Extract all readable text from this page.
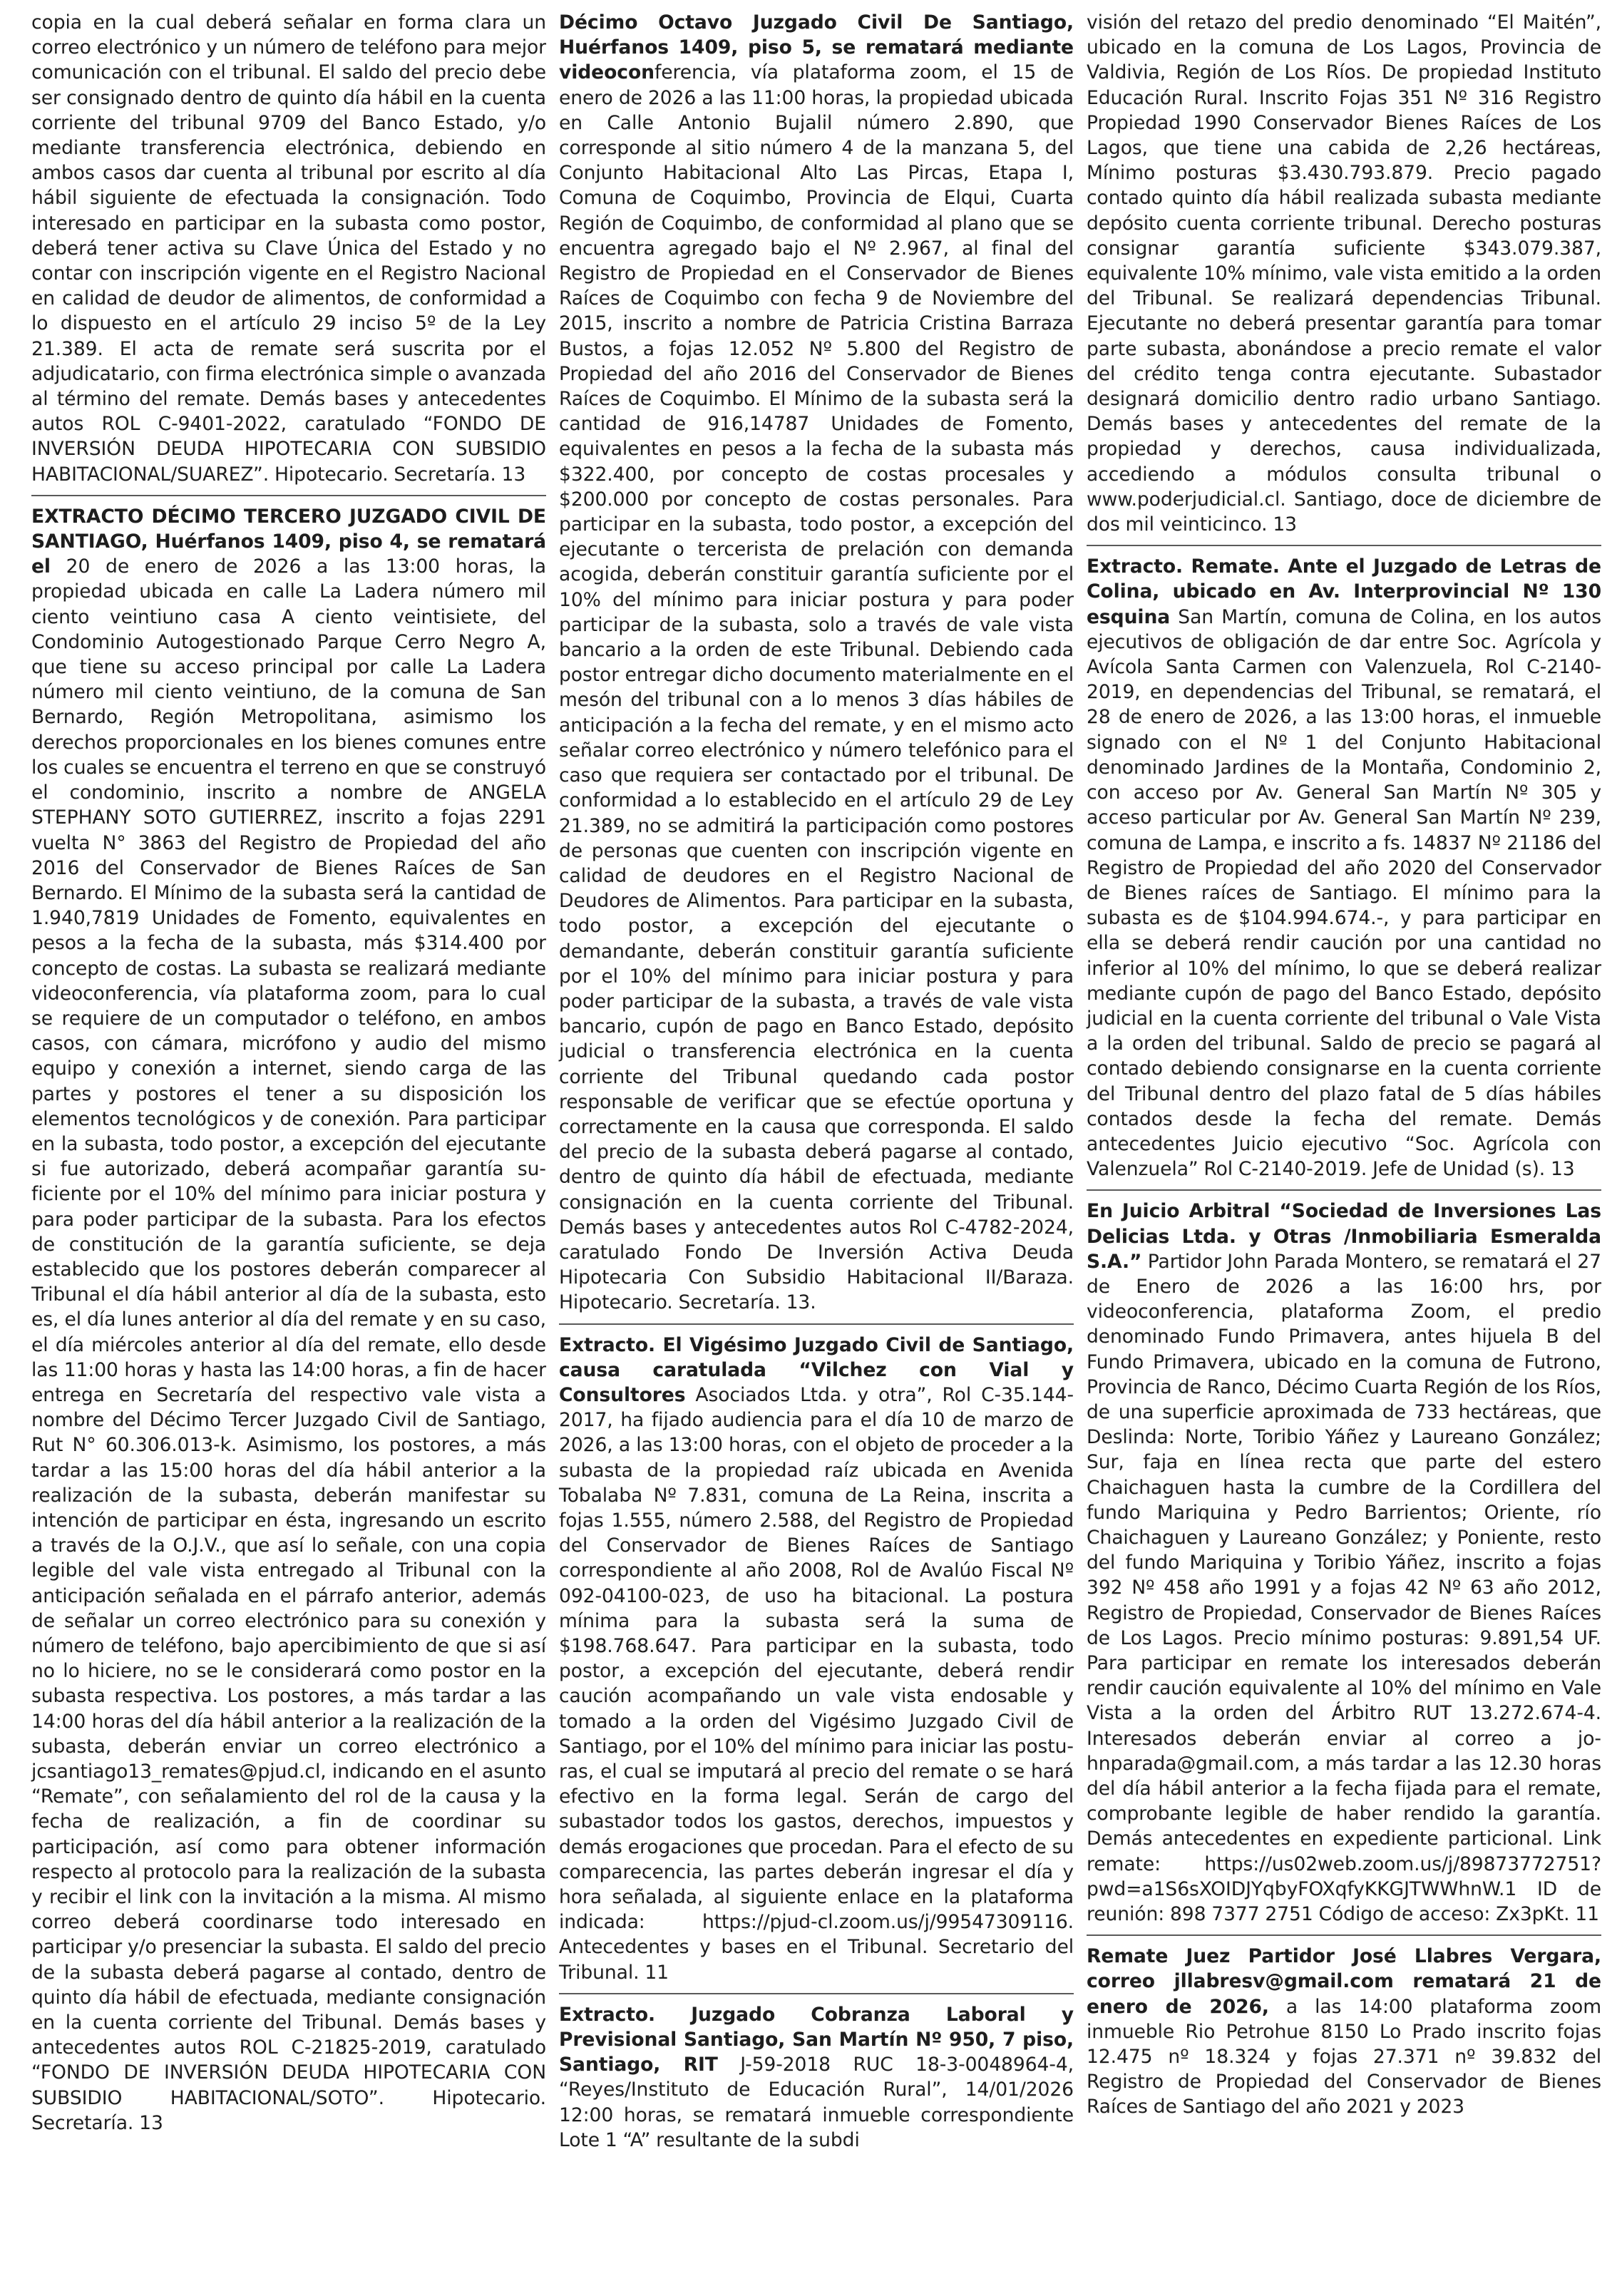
copia en la cual deberá señalar en forma clara un correo electrónico y un número de teléfono para mejor comunicación con el tribunal. El saldo del precio debe ser consignado dentro de quinto día hábil en la cuenta corriente del tribunal 9709 del Banco Estado, y/o mediante transferencia electrónica, debiendo en ambos casos dar cuenta al tribunal por escrito al día hábil siguiente de efectuada la consignación. Todo interesado en participar en la subasta como postor, deberá tener activa su Clave Única del Estado y no contar con inscripción vigente en el Registro Nacional en calidad de deudor de alimentos, de conformidad a lo dispuesto en el artículo 29 inciso 5º de la Ley 21.389. El acta de remate será suscrita por el adjudicatario, con firma electrónica simple o avanzada al término del remate. Demás bases y antecedentes autos ROL C-9401-2022, caratulado “FONDO DE INVERSIÓN DEUDA HIPOTECARIA CON SUBSIDIO HABITACIONAL/SUAREZ”. Hipotecario. Secretaría. 13

EXTRACTO DÉCIMO TERCERO JUZGADO CIVIL DE SANTIAGO, Huérfanos 1409, piso 4, se rematará el 20 de enero de 2026 a las 13:00 horas, la propiedad ubicada en calle La Ladera número mil ciento veintiuno casa A ciento veintisiete, del Condominio Autogestionado Parque Cerro Negro A, que tiene su acceso principal por calle La Ladera número mil ciento veintiuno, de la comuna de San Bernardo, Región Metropolitana, asimismo los derechos proporcionales en los bienes comunes entre los cuales se encuentra el terreno en que se construyó el condominio, inscrito a nombre de ANGELA STEPHANY SOTO GUTIERREZ, inscrito a fojas 2291 vuelta N° 3863 del Registro de Propiedad del año 2016 del Conservador de Bienes Raíces de San Bernardo. El Mínimo de la subasta será la cantidad de 1.940,7819 Unidades de Fomento, equivalentes en pesos a la fecha de la subasta, más $314.400 por concepto de costas. La subasta se realizará mediante videoconferencia, vía plataforma zoom, para lo cual se requiere de un computador o teléfono, en ambos casos, con cámara, micrófono y audio del mismo equipo y conexión a internet, siendo carga de las partes y postores el tener a su disposición los elementos tecnológicos y de conexión. Para participar en la subasta, todo postor, a excepción del ejecutante si fue autorizado, deberá acompañar garantía suficiente por el 10% del mínimo para iniciar postura y para poder participar de la subasta. Para los efectos de constitución de la garantía suficiente, se deja establecido que los postores deberán comparecer al Tribunal el día hábil anterior al día de la subasta, esto es, el día lunes anterior al día del remate y en su caso, el día miércoles anterior al día del remate, ello desde las 11:00 horas y hasta las 14:00 horas, a fin de hacer entrega en Secretaría del respectivo vale vista a nombre del Décimo Tercer Juzgado Civil de Santiago, Rut N° 60.306.013-k. Asimismo, los postores, a más tardar a las 15:00 horas del día hábil anterior a la realización de la subasta, deberán manifestar su intención de participar en ésta, ingresando un escrito a través de la O.J.V., que así lo señale, con una copia legible del vale vista entregado al Tribunal con la anticipación señalada en el párrafo anterior, además de señalar un correo electrónico para su conexión y número de teléfono, bajo apercibimiento de que si así no lo hiciere, no se le considerará como postor en la subasta respectiva. Los postores, a más tardar a las 14:00 horas del día hábil anterior a la realización de la subasta, deberán enviar un correo electrónico a jcsantiago13_remates@pjud.cl, indicando en el asunto “Remate”, con señalamiento del rol de la causa y la fecha de realización, a fin de coordinar su participación, así como para obtener información respecto al protocolo para la realización de la subasta y recibir el link con la invitación a la misma. Al mismo correo deberá coordinarse todo interesado en participar y/o presenciar la subasta. El saldo del precio de la subasta deberá pagarse al contado, dentro de quinto día hábil de efectuada, mediante consignación en la cuenta corriente del Tribunal. Demás bases y antecedentes autos ROL C-21825-2019, caratulado “FONDO DE INVERSIÓN DEUDA HIPOTECARIA CON SUBSIDIO HABITACIONAL/SOTO”. Hipotecario. Secretaría. 13

Décimo Octavo Juzgado Civil De Santiago, Huérfanos 1409, piso 5, se rematará mediante videoconferencia, vía plataforma zoom, el 15 de enero de 2026 a las 11:00 horas, la propiedad ubicada en Calle Antonio Bujalil número 2.890, que corresponde al sitio número 4 de la manzana 5, del Conjunto Habitacional Alto Las Pircas, Etapa I, Comuna de Coquimbo, Provincia de Elqui, Cuarta Región de Coquimbo, de conformidad al plano que se encuentra agregado bajo el Nº 2.967, al final del Registro de Propiedad en el Conservador de Bienes Raíces de Coquimbo con fecha 9 de Noviembre del 2015, inscrito a nombre de Patricia Cristina Barraza Bustos, a fojas 12.052 Nº 5.800 del Registro de Propiedad del año 2016 del Conservador de Bienes Raíces de Coquimbo. El Mínimo de la subasta será la cantidad de 916,14787 Unidades de Fomento, equivalentes en pesos a la fecha de la subasta más $322.400, por concepto de costas procesales y $200.000 por concepto de costas personales. Para participar en la subasta, todo postor, a excepción del ejecutante o tercerista de prelación con demanda acogida, deberán constituir garantía suficiente por el 10% del mínimo para iniciar postura y para poder participar de la subasta, solo a través de vale vista bancario a la orden de este Tribunal. Debiendo cada postor entregar dicho documento materialmente en el mesón del tribunal con a lo menos 3 días hábiles de anticipación a la fecha del remate, y en el mismo acto señalar correo electrónico y número telefónico para el caso que requiera ser contactado por el tribunal. De conformidad a lo establecido en el artículo 29 de Ley 21.389, no se admitirá la participación como postores de personas que cuenten con inscripción vigente en calidad de deudores en el Registro Nacional de Deudores de Alimentos. Para participar en la subasta, todo postor, a excepción del ejecutante o demandante, deberán constituir garantía suficiente por el 10% del mínimo para iniciar postura y para poder participar de la subasta, a través de vale vista bancario, cupón de pago en Banco Estado, depósito judicial o transferencia electrónica en la cuenta corriente del Tribunal quedando cada postor responsable de verificar que se efectúe oportuna y correctamente en la causa que corresponda. El saldo del precio de la subasta deberá pagarse al contado, dentro de quinto día hábil de efectuada, mediante consignación en la cuenta corriente del Tribunal. Demás bases y antecedentes autos Rol C-4782-2024, caratulado Fondo De Inversión Activa Deuda Hipotecaria Con Subsidio Habitacional II/Baraza. Hipotecario. Secretaría. 13.

Extracto. El Vigésimo Juzgado Civil de Santiago, causa caratulada “Vilchez con Vial y Consultores Asociados Ltda. y otra”, Rol C-35.144-2017, ha fijado audiencia para el día 10 de marzo de 2026, a las 13:00 horas, con el objeto de proceder a la subasta de la propiedad raíz ubicada en Avenida Tobalaba Nº 7.831, comuna de La Reina, inscrita a fojas 1.555, número 2.588, del Registro de Propiedad del Conservador de Bienes Raíces de Santiago correspondiente al año 2008, Rol de Avalúo Fiscal Nº 092-04100-023, de uso ha bitacional. La postura mínima para la subasta será la suma de $198.768.647. Para participar en la subasta, todo postor, a excepción del ejecutante, deberá rendir caución acompañando un vale vista endosable y tomado a la orden del Vigésimo Juzgado Civil de Santiago, por el 10% del mínimo para iniciar las posturas, el cual se imputará al precio del remate o se hará efectivo en la forma legal. Serán de cargo del subastador todos los gastos, derechos, impuestos y demás erogaciones que procedan. Para el efecto de su comparecencia, las partes deberán ingresar el día y hora señalada, al siguiente enlace en la plataforma indicada: https://pjud-cl.zoom.us/j/99547309116. Antecedentes y bases en el Tribunal. Secretario del Tribunal. 11

Extracto. Juzgado Cobranza Laboral y Previsional Santiago, San Martín Nº 950, 7 piso, Santiago, RIT J-59-2018 RUC 18-3-0048964-4, “Reyes/Instituto de Educación Rural”, 14/01/2026 12:00 horas, se rematará inmueble correspondiente Lote 1 “A” resultante de la subdi

visión del retazo del predio denominado “El Maitén”, ubicado en la comuna de Los Lagos, Provincia de Valdivia, Región de Los Ríos. De propiedad Instituto Educación Rural. Inscrito Fojas 351 Nº 316 Registro Propiedad 1990 Conservador Bienes Raíces de Los Lagos, que tiene una cabida de 2,26 hectáreas, Mínimo posturas $3.430.793.879. Precio pagado contado quinto día hábil realizada subasta mediante depósito cuenta corriente tribunal. Derecho posturas consignar garantía suficiente $343.079.387, equivalente 10% mínimo, vale vista emitido a la orden del Tribunal. Se realizará dependencias Tribunal. Ejecutante no deberá presentar garantía para tomar parte subasta, abonándose a precio remate el valor del crédito tenga contra ejecutante. Subastador designará domicilio dentro radio urbano Santiago. Demás bases y antecedentes del remate de la propiedad y derechos, causa individualizada, accediendo a módulos consulta tribunal o www.poderjudicial.cl. Santiago, doce de diciembre de dos mil veinticinco. 13

Extracto. Remate. Ante el Juzgado de Letras de Colina, ubicado en Av. Interprovincial Nº 130 esquina San Martín, comuna de Colina, en los autos ejecutivos de obligación de dar entre Soc. Agrícola y Avícola Santa Carmen con Valenzuela, Rol C-2140-2019, en dependencias del Tribunal, se rematará, el 28 de enero de 2026, a las 13:00 horas, el inmueble signado con el Nº 1 del Conjunto Habitacional denominado Jardines de la Montaña, Condominio 2, con acceso por Av. General San Martín Nº 305 y acceso particular por Av. General San Martín Nº 239, comuna de Lampa, e inscrito a fs. 14837 Nº 21186 del Registro de Propiedad del año 2020 del Conservador de Bienes raíces de Santiago. El mínimo para la subasta es de $104.994.674.-, y para participar en ella se deberá rendir caución por una cantidad no inferior al 10% del mínimo, lo que se deberá realizar mediante cupón de pago del Banco Estado, depósito judicial en la cuenta corriente del tribunal o Vale Vista a la orden del tribunal. Saldo de precio se pagará al contado debiendo consignarse en la cuenta corriente del Tribunal dentro del plazo fatal de 5 días hábiles contados desde la fecha del remate. Demás antecedentes Juicio ejecutivo “Soc. Agrícola con Valenzuela” Rol C-2140-2019. Jefe de Unidad (s). 13

En Juicio Arbitral “Sociedad de Inversiones Las Delicias Ltda. y Otras /Inmobiliaria Esmeralda S.A.” Partidor John Parada Montero, se rematará el 27 de Enero de 2026 a las 16:00 hrs, por videoconferencia, plataforma Zoom, el predio denominado Fundo Primavera, antes hijuela B del Fundo Primavera, ubicado en la comuna de Futrono, Provincia de Ranco, Décimo Cuarta Región de los Ríos, de una superficie aproximada de 733 hectáreas, que Deslinda: Norte, Toribio Yáñez y Laureano González; Sur, faja en línea recta que parte del estero Chaichaguen hasta la cumbre de la Cordillera del fundo Mariquina y Pedro Barrientos; Oriente, río Chaichaguen y Laureano González; y Poniente, resto del fundo Mariquina y Toribio Yáñez, inscrito a fojas 392 Nº 458 año 1991 y a fojas 42 Nº 63 año 2012, Registro de Propiedad, Conservador de Bienes Raíces de Los Lagos. Precio mínimo posturas: 9.891,54 UF. Para participar en remate los interesados deberán rendir caución equivalente al 10% del mínimo en Vale Vista a la orden del Árbitro RUT 13.272.674-4. Interesados deberán enviar al correo a johnparada@gmail.com, a más tardar a las 12.30 horas del día hábil anterior a la fecha fijada para el remate, comprobante legible de haber rendido la garantía. Demás antecedentes en expediente particional. Link remate: https://us02web.zoom.us/j/89873772751?pwd=a1S6sXOIDJYqbyFOXqfyKKGJTWWhnW.1 ID de reunión: 898 7377 2751 Código de acceso: Zx3pKt. 11

Remate Juez Partidor José Llabres Vergara, correo jllabresv@gmail.com rematará 21 de enero de 2026, a las 14:00 plataforma zoom inmueble Rio Petrohue 8150 Lo Prado inscrito fojas 12.475 nº 18.324 y fojas 27.371 nº 39.832 del Registro de Propiedad del Conservador de Bienes Raíces de Santiago del año 2021 y 2023
